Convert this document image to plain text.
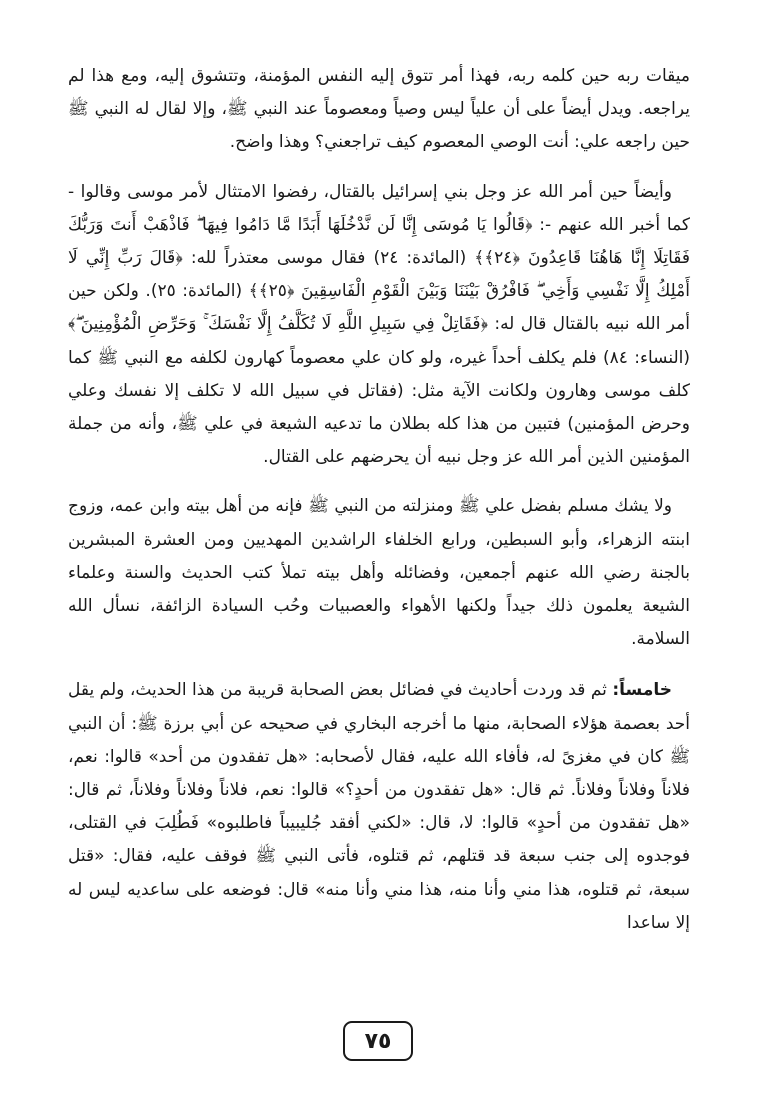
ميقات ربه حين كلمه ربه، فهذا أمر تتوق إليه النفس المؤمنة، وتتشوق إليه، ومع هذا لم يراجعه. ويدل أيضاً على أن علياً ليس وصياً ومعصوماً عند النبي ﷺ، وإلا لقال له النبي ﷺ حين راجعه علي: أنت الوصي المعصوم كيف تراجعني؟ وهذا واضح.

وأيضاً حين أمر الله عز وجل بني إسرائيل بالقتال، رفضوا الامتثال لأمر موسى وقالوا - كما أخبر الله عنهم -: ﴿قَالُوا يَا مُوسَى إِنَّا لَن نَّدْخُلَهَا أَبَدًا مَّا دَامُوا فِيهَا ۖ فَاذْهَبْ أَنتَ وَرَبُّكَ فَقَاتِلَا إِنَّا هَاهُنَا قَاعِدُونَ ﴿٢٤﴾﴾ (المائدة: ٢٤) فقال موسى معتذراً لله: ﴿قَالَ رَبِّ إِنِّي لَا أَمْلِكُ إِلَّا نَفْسِي وَأَخِي ۖ فَافْرُقْ بَيْنَنَا وَبَيْنَ الْقَوْمِ الْفَاسِقِينَ ﴿٢٥﴾﴾ (المائدة: ٢٥). ولكن حين أمر الله نبيه بالقتال قال له: ﴿فَقَاتِلْ فِي سَبِيلِ اللَّهِ لَا تُكَلَّفُ إِلَّا نَفْسَكَ ۚ وَحَرِّضِ الْمُؤْمِنِينَ ۖ﴾ (النساء: ٨٤) فلم يكلف أحداً غيره، ولو كان علي معصوماً كهارون لكلفه مع النبي ﷺ كما كلف موسى وهارون ولكانت الآية مثل: (فقاتل في سبيل الله لا تكلف إلا نفسك وعلي وحرض المؤمنين) فتبين من هذا كله بطلان ما تدعيه الشيعة في علي ﷺ، وأنه من جملة المؤمنين الذين أمر الله عز وجل نبيه أن يحرضهم على القتال.

ولا يشك مسلم بفضل علي ﷺ ومنزلته من النبي ﷺ فإنه من أهل بيته وابن عمه، وزوج ابنته الزهراء، وأبو السبطين، ورابع الخلفاء الراشدين المهديين ومن العشرة المبشرين بالجنة رضي الله عنهم أجمعين، وفضائله وأهل بيته تملأ كتب الحديث والسنة وعلماء الشيعة يعلمون ذلك جيداً ولكنها الأهواء والعصبيات وحُب السيادة الزائفة، نسأل الله السلامة.

خامساً: ثم قد وردت أحاديث في فضائل بعض الصحابة قريبة من هذا الحديث، ولم يقل أحد بعصمة هؤلاء الصحابة، منها ما أخرجه البخاري في صحيحه عن أبي برزة ﷺ: أن النبي ﷺ كان في مغزىً له، فأفاء الله عليه، فقال لأصحابه: «هل تفقدون من أحد» قالوا: نعم، فلاناً وفلاناً وفلاناً. ثم قال: «هل تفقدون من أحدٍ؟» قالوا: نعم، فلاناً وفلاناً وفلاناً، ثم قال: «هل تفقدون من أحدٍ» قالوا: لا، قال: «لكني أفقد جُليبيباً فاطلبوه» فَطُلِبَ في القتلى، فوجدوه إلى جنب سبعة قد قتلهم، ثم قتلوه، فأتى النبي ﷺ فوقف عليه، فقال: «قتل سبعة، ثم قتلوه، هذا مني وأنا منه، هذا مني وأنا منه» قال: فوضعه على ساعديه ليس له إلا ساعدا

٧٥
